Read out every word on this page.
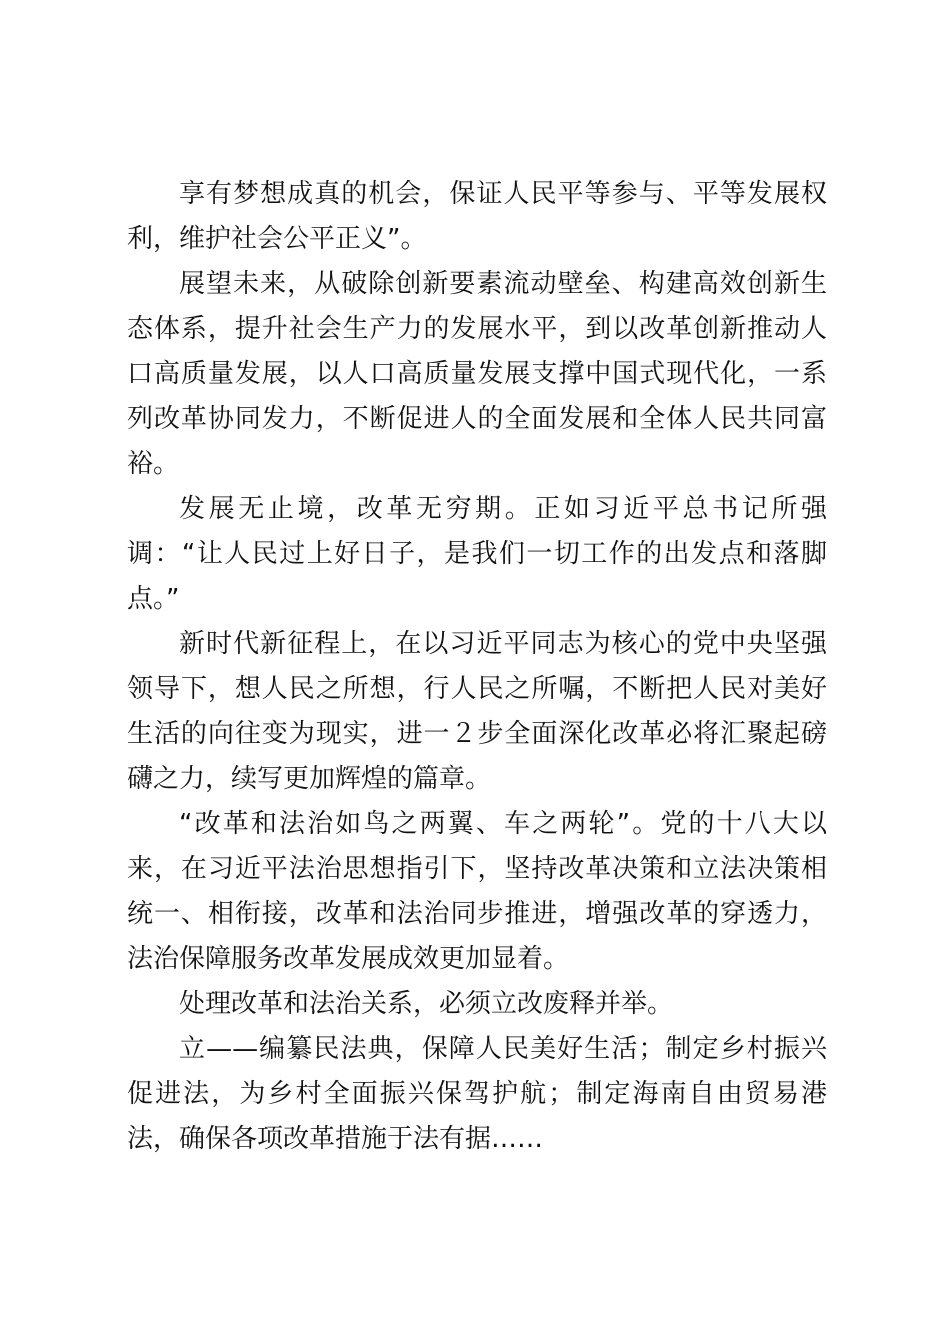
享有梦想成真的机会，保证人民平等参与、平等发展权利，维护社会公平正义”。

展望未来，从破除创新要素流动壁垒、构建高效创新生态体系，提升社会生产力的发展水平，到以改革创新推动人口高质量发展，以人口高质量发展支撑中国式现代化，一系列改革协同发力，不断促进人的全面发展和全体人民共同富裕。

发展无止境，改革无穷期。正如习近平总书记所强调：“让人民过上好日子，是我们一切工作的出发点和落脚点。”

新时代新征程上，在以习近平同志为核心的党中央坚强领导下，想人民之所想，行人民之所嘱，不断把人民对美好生活的向往变为现实，进一２步全面深化改革必将汇聚起磅礴之力，续写更加辉煌的篇章。

“改革和法治如鸟之两翼、车之两轮”。党的十八大以来，在习近平法治思想指引下，坚持改革决策和立法决策相统一、相衔接，改革和法治同步推进，增强改革的穿透力，法治保障服务改革发展成效更加显着。

处理改革和法治关系，必须立改废释并举。

立——编纂民法典，保障人民美好生活；制定乡村振兴促进法，为乡村全面振兴保驾护航；制定海南自由贸易港法，确保各项改革措施于法有据……
